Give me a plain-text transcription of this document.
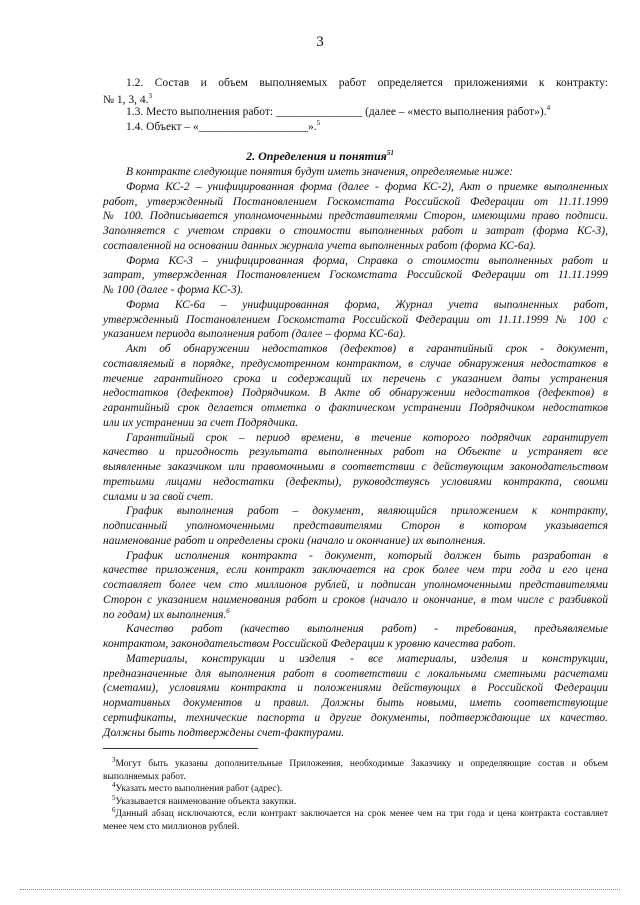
3
1.2. Состав и объем выполняемых работ определяется приложениями к контракту:
№ 1, 3, 4.$^3$
1.3. Место выполнения работ: _______________ (далее – «место выполнения работ»).$^4$
1.4. Объект – «___________________».$^5$
2. Определения и понятия$^{51}$
В контракте следующие понятия будут иметь значения, определяемые ниже:
Форма КС-2 – унифицированная форма (далее - форма КС-2), Акт о приемке выполненных
работ, утвержденный Постановлением Госкомстата Российской Федерации от 11.11.1999
№ 100. Подписывается уполномоченными представителями Сторон, имеющими право подписи.
Заполняется с учетом справки о стоимости выполненных работ и затрат (форма КС-3),
составленной на основании данных журнала учета выполненных работ (форма КС-6а).
Форма КС-3 – унифицированная форма, Справка о стоимости выполненных работ и
затрат, утвержденная Постановлением Госкомстата Российской Федерации от 11.11.1999
№ 100 (далее - форма КС-3).
Форма КС-6а – унифицированная форма, Журнал учета выполненных работ,
утвержденный Постановлением Госкомстата Российской Федерации от 11.11.1999 № 100 с
указанием периода выполнения работ (далее – форма КС-6а).
Акт об обнаружении недостатков (дефектов) в гарантийный срок - документ,
составляемый в порядке, предусмотренном контрактом, в случае обнаружения недостатков в
течение гарантийного срока и содержащий их перечень с указанием даты устранения
недостатков (дефектов) Подрядчиком. В Акте об обнаружении недостатков (дефектов) в
гарантийный срок делается отметка о фактическом устранении Подрядчиком недостатков
или их устранении за счет Подрядчика.
Гарантийный срок – период времени, в течение которого подрядчик гарантирует
качество и пригодность результата выполненных работ на Объекте и устраняет все
выявленные заказчиком или правомочными в соответствии с действующим законодательством
третьими лицами недостатки (дефекты), руководствуясь условиями контракта, своими
силами и за свой счет.
График выполнения работ – документ, являющийся приложением к контракту,
подписанный уполномоченными представителями Сторон в котором указывается
наименование работ и определены сроки (начало и окончание) их выполнения.
График исполнения контракта - документ, который должен быть разработан в
качестве приложения, если контракт заключается на срок более чем три года и его цена
составляет более чем сто миллионов рублей, и подписан уполномоченными представителями
Сторон с указанием наименования работ и сроков (начало и окончание, в том числе с разбивкой
по годам) их выполнения.$^6$
Качество работ (качество выполнения работ) - требования, предъявляемые
контрактом, законодательством Российской Федерации к уровню качества работ.
Материалы, конструкции и изделия - все материалы, изделия и конструкции,
предназначенные для выполнения работ в соответствии с локальными сметными расчетами
(сметами), условиями контракта и положениями действующих в Российской Федерации
нормативных документов и правил. Должны быть новыми, иметь соответствующие
сертификаты, технические паспорта и другие документы, подтверждающие их качество.
Должны быть подтверждены счет-фактурами.
$^3$Могут быть указаны дополнительные Приложения, необходимые Заказчику и определяющие состав и объем
выполняемых работ.
$^4$Указать место выполнения работ (адрес).
$^5$Указывается наименование объекта закупки.
$^6$Данный абзац исключаются, если контракт заключается на срок менее чем на три года и цена контракта составляет
менее чем сто миллионов рублей.
